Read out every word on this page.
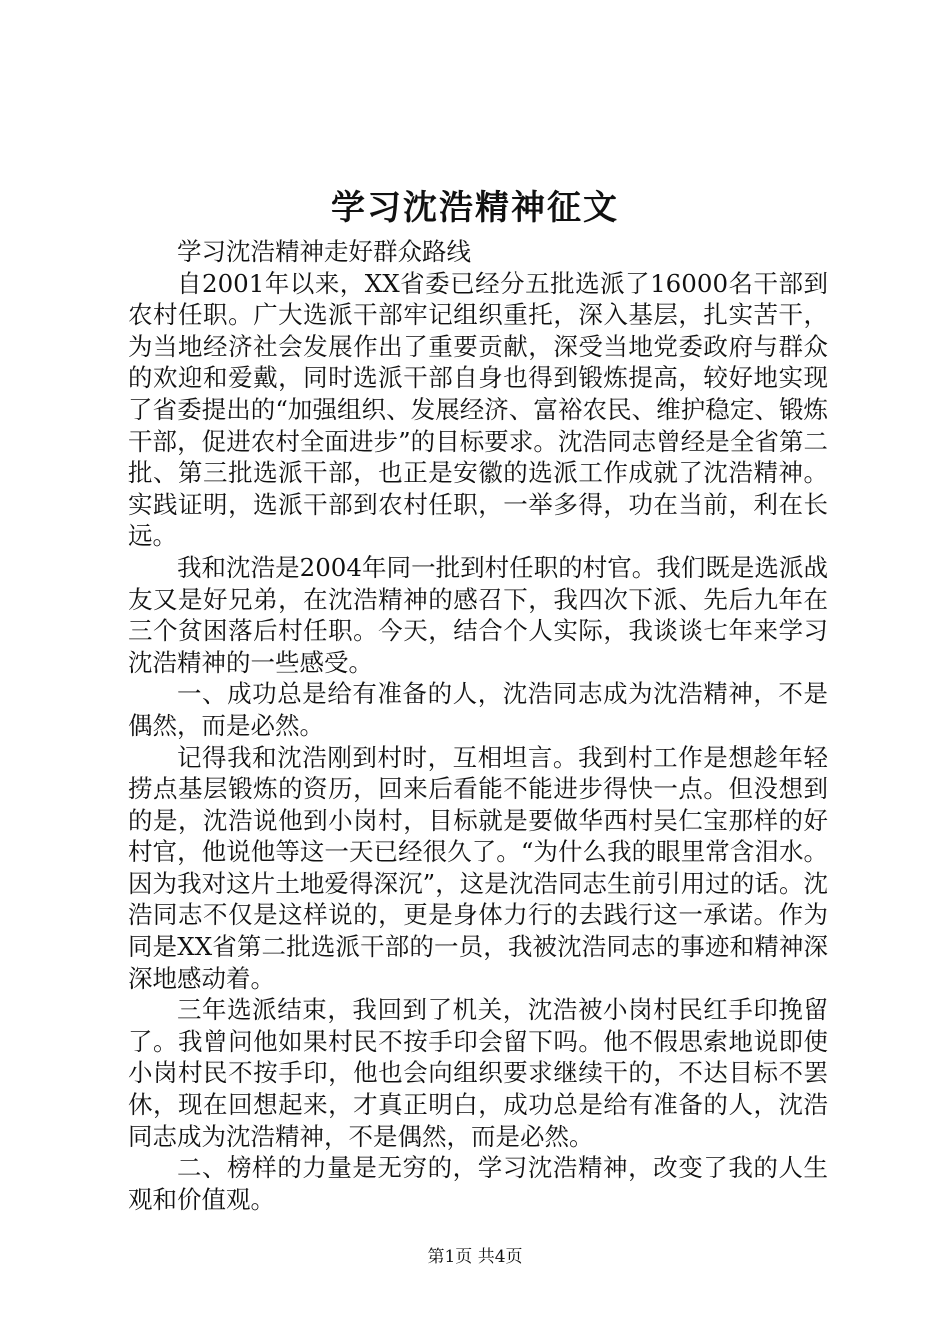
学习沈浩精神征文

学习沈浩精神走好群众路线

自2001年以来，XX省委已经分五批选派了16000名干部到农村任职。广大选派干部牢记组织重托，深入基层，扎实苦干，为当地经济社会发展作出了重要贡献，深受当地党委政府与群众的欢迎和爱戴，同时选派干部自身也得到锻炼提高，较好地实现了省委提出的“加强组织、发展经济、富裕农民、维护稳定、锻炼干部，促进农村全面进步”的目标要求。沈浩同志曾经是全省第二批、第三批选派干部，也正是安徽的选派工作成就了沈浩精神。实践证明，选派干部到农村任职，一举多得，功在当前，利在长远。

我和沈浩是2004年同一批到村任职的村官。我们既是选派战友又是好兄弟，在沈浩精神的感召下，我四次下派、先后九年在三个贫困落后村任职。今天，结合个人实际，我谈谈七年来学习沈浩精神的一些感受。

一、成功总是给有准备的人，沈浩同志成为沈浩精神，不是偶然，而是必然。

记得我和沈浩刚到村时，互相坦言。我到村工作是想趁年轻捞点基层锻炼的资历，回来后看能不能进步得快一点。但没想到的是，沈浩说他到小岗村，目标就是要做华西村吴仁宝那样的好村官，他说他等这一天已经很久了。“为什么我的眼里常含泪水。因为我对这片土地爱得深沉”，这是沈浩同志生前引用过的话。沈浩同志不仅是这样说的，更是身体力行的去践行这一承诺。作为同是XX省第二批选派干部的一员，我被沈浩同志的事迹和精神深深地感动着。

三年选派结束，我回到了机关，沈浩被小岗村民红手印挽留了。我曾问他如果村民不按手印会留下吗。他不假思索地说即使小岗村民不按手印，他也会向组织要求继续干的，不达目标不罢休，现在回想起来，才真正明白，成功总是给有准备的人，沈浩同志成为沈浩精神，不是偶然，而是必然。

二、榜样的力量是无穷的，学习沈浩精神，改变了我的人生观和价值观。

第1页 共4页
